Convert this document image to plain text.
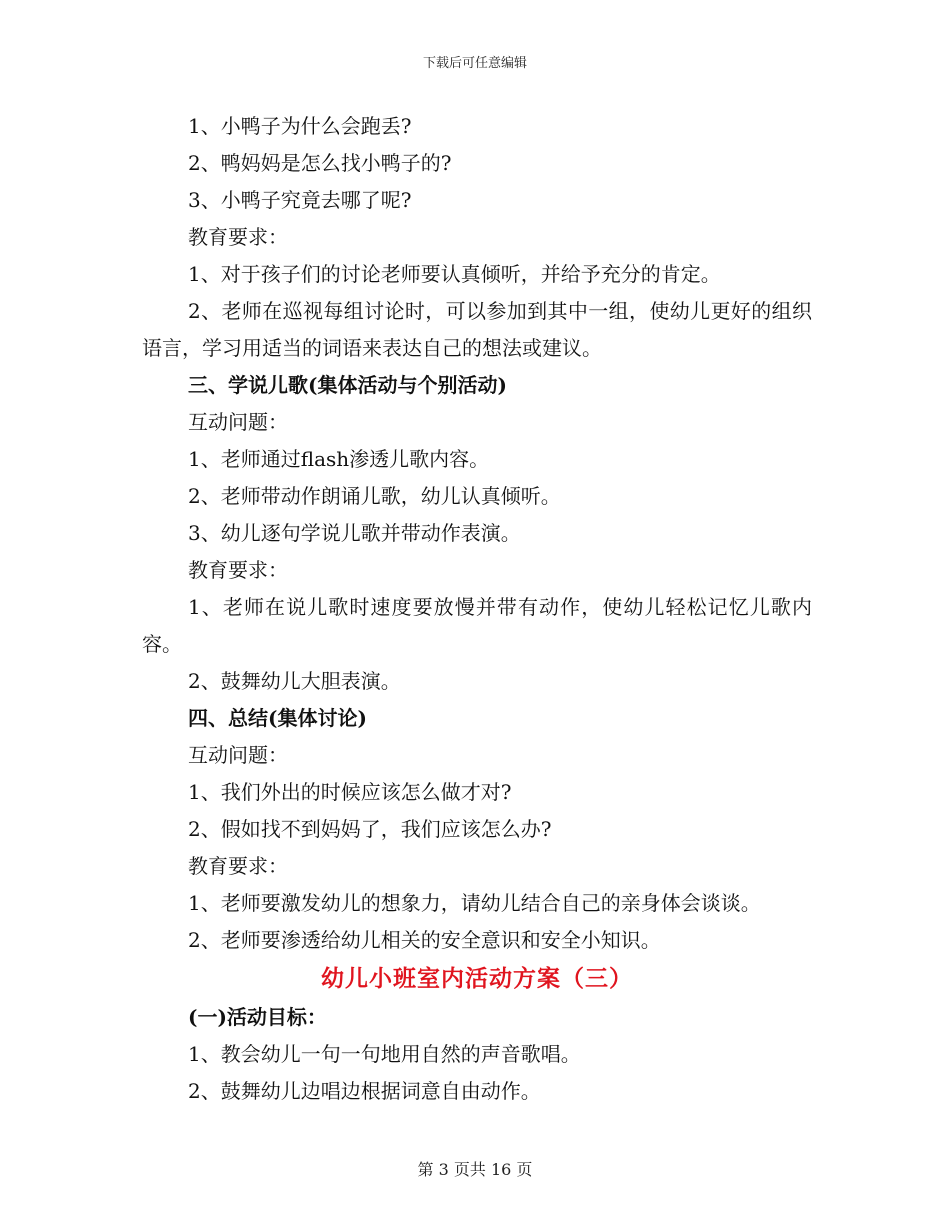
下载后可任意编辑
1、小鸭子为什么会跑丢?
2、鸭妈妈是怎么找小鸭子的?
3、小鸭子究竟去哪了呢?
教育要求：
1、对于孩子们的讨论老师要认真倾听，并给予充分的肯定。
2、老师在巡视每组讨论时，可以参加到其中一组，使幼儿更好的组织语言，学习用适当的词语来表达自己的想法或建议。
三、学说儿歌(集体活动与个别活动)
互动问题：
1、老师通过flash渗透儿歌内容。
2、老师带动作朗诵儿歌，幼儿认真倾听。
3、幼儿逐句学说儿歌并带动作表演。
教育要求：
1、老师在说儿歌时速度要放慢并带有动作，使幼儿轻松记忆儿歌内容。
2、鼓舞幼儿大胆表演。
四、总结(集体讨论)
互动问题：
1、我们外出的时候应该怎么做才对?
2、假如找不到妈妈了，我们应该怎么办?
教育要求：
1、老师要激发幼儿的想象力，请幼儿结合自己的亲身体会谈谈。
2、老师要渗透给幼儿相关的安全意识和安全小知识。
幼儿小班室内活动方案（三）
(一)活动目标：
1、教会幼儿一句一句地用自然的声音歌唱。
2、鼓舞幼儿边唱边根据词意自由动作。
第 3 页共 16 页
